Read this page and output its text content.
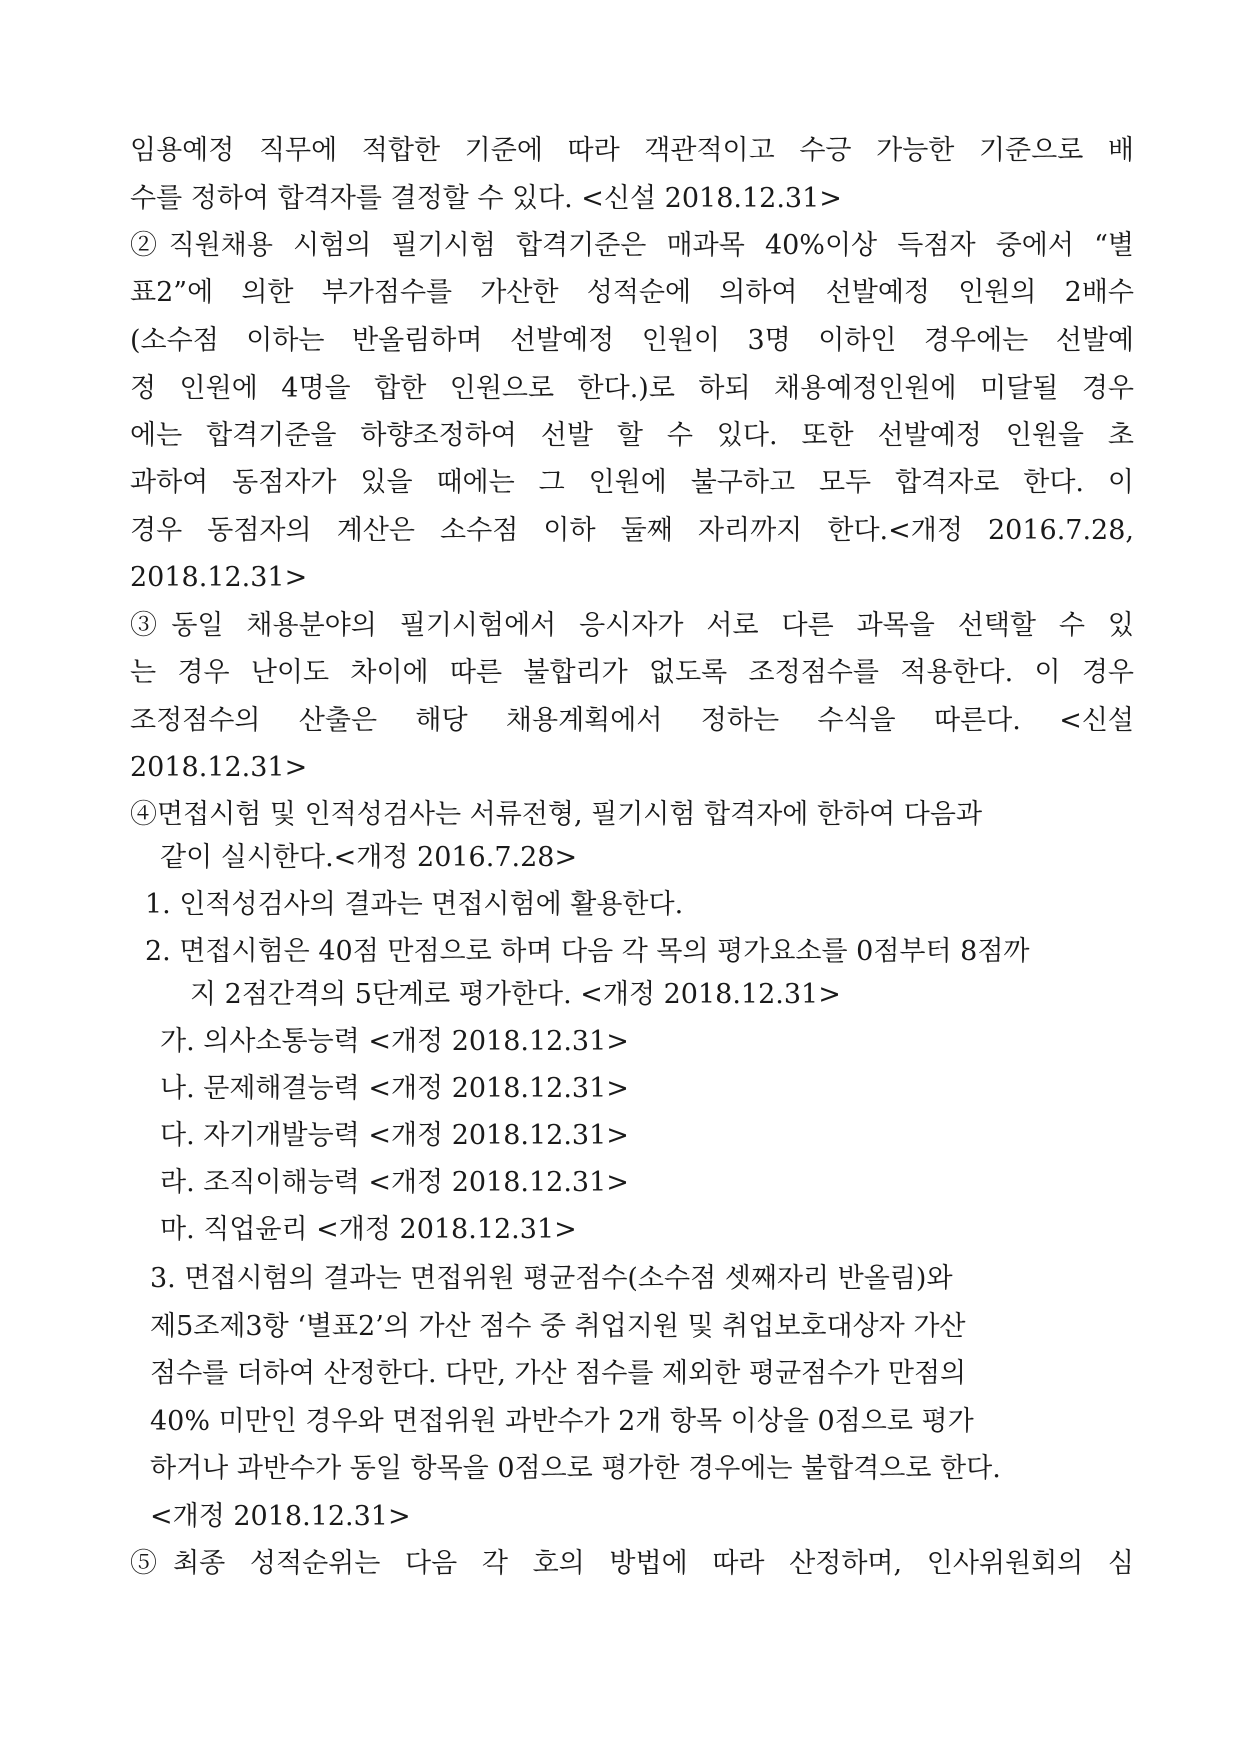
임용예정 직무에 적합한 기준에 따라 객관적이고 수긍 가능한 기준으로 배
수를 정하여 합격자를 결정할 수 있다. <신설 2018.12.31>
②직원채용 시험의 필기시험 합격기준은 매과목 40%이상 득점자 중에서 “별
표2”에 의한 부가점수를 가산한 성적순에 의하여 선발예정 인원의 2배수
(소수점 이하는 반올림하며 선발예정 인원이 3명 이하인 경우에는 선발예
정 인원에 4명을 합한 인원으로 한다.)로 하되 채용예정인원에 미달될 경우
에는 합격기준을 하향조정하여 선발 할 수 있다. 또한 선발예정 인원을 초
과하여 동점자가 있을 때에는 그 인원에 불구하고 모두 합격자로 한다. 이
경우 동점자의 계산은 소수점 이하 둘째 자리까지 한다.<개정 2016.7.28,
2018.12.31>
③동일 채용분야의 필기시험에서 응시자가 서로 다른 과목을 선택할 수 있
는 경우 난이도 차이에 따른 불합리가 없도록 조정점수를 적용한다. 이 경우
조정점수의 산출은 해당 채용계획에서 정하는 수식을 따른다. <신설
2018.12.31>
④면접시험 및 인적성검사는 서류전형, 필기시험 합격자에 한하여 다음과
같이 실시한다.<개정 2016.7.28>
1. 인적성검사의 결과는 면접시험에 활용한다.
2. 면접시험은 40점 만점으로 하며 다음 각 목의 평가요소를 0점부터 8점까
지 2점간격의 5단계로 평가한다. <개정 2018.12.31>
가. 의사소통능력 <개정 2018.12.31>
나. 문제해결능력 <개정 2018.12.31>
다. 자기개발능력 <개정 2018.12.31>
라. 조직이해능력 <개정 2018.12.31>
마. 직업윤리 <개정 2018.12.31>
3. 면접시험의 결과는 면접위원 평균점수(소수점 셋째자리 반올림)와
제5조제3항 ‘별표2’의 가산 점수 중 취업지원 및 취업보호대상자 가산
점수를 더하여 산정한다. 다만, 가산 점수를 제외한 평균점수가 만점의
40% 미만인 경우와 면접위원 과반수가 2개 항목 이상을 0점으로 평가
하거나 과반수가 동일 항목을 0점으로 평가한 경우에는 불합격으로 한다.
<개정 2018.12.31>
⑤최종 성적순위는 다음 각 호의 방법에 따라 산정하며, 인사위원회의 심
